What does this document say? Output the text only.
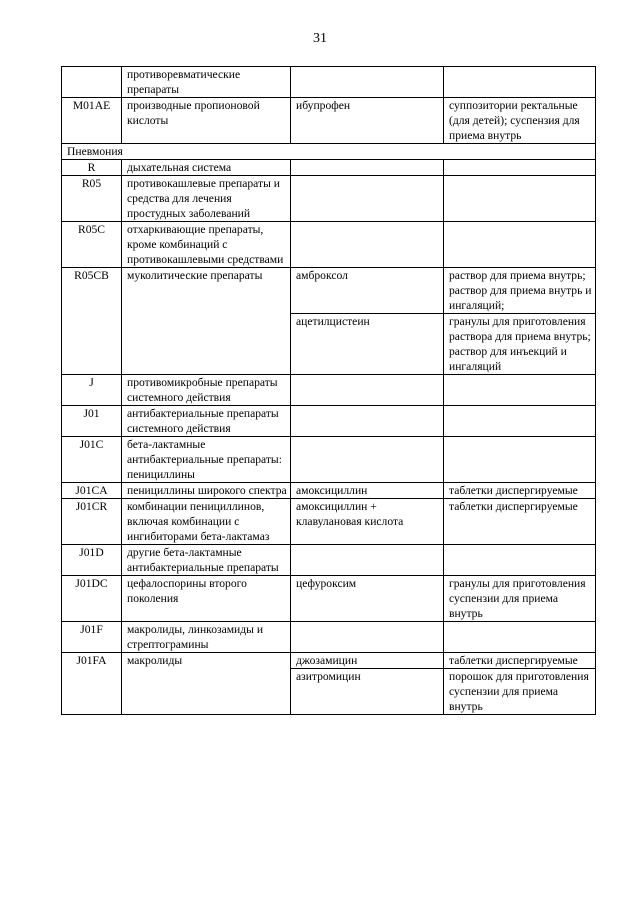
31
	противоревматические препараты		
M01AE	производные пропионовой кислоты	ибупрофен	суппозитории ректальные (для детей); суспензия для приема внутрь
Пневмония			
R	дыхательная система		
R05	противокашлевые препараты и средства для лечения простудных заболеваний		
R05C	отхаркивающие препараты, кроме комбинаций с противокашлевыми средствами		
R05CB	муколитические препараты	амброксол	раствор для приема внутрь; раствор для приема внутрь и ингаляций;
		ацетилцистеин	гранулы для приготовления раствора для приема внутрь; раствор для инъекций и ингаляций
J	противомикробные препараты системного действия		
J01	антибактериальные препараты системного действия		
J01C	бета-лактамные антибактериальные препараты: пенициллины		
J01CA	пенициллины широкого спектра	амоксициллин	таблетки диспергируемые
J01CR	комбинации пенициллинов, включая комбинации с ингибиторами бета-лактамаз	амоксициллин + клавулановая кислота	таблетки диспергируемые
J01D	другие бета-лактамные антибактериальные препараты		
J01DC	цефалоспорины второго поколения	цефуроксим	гранулы для приготовления суспензии для приема внутрь
J01F	макролиды, линкозамиды и стрептограмины		
J01FA	макролиды	джозамицин	таблетки диспергируемые
		азитромицин	порошок для приготовления суспензии для приема внутрь
